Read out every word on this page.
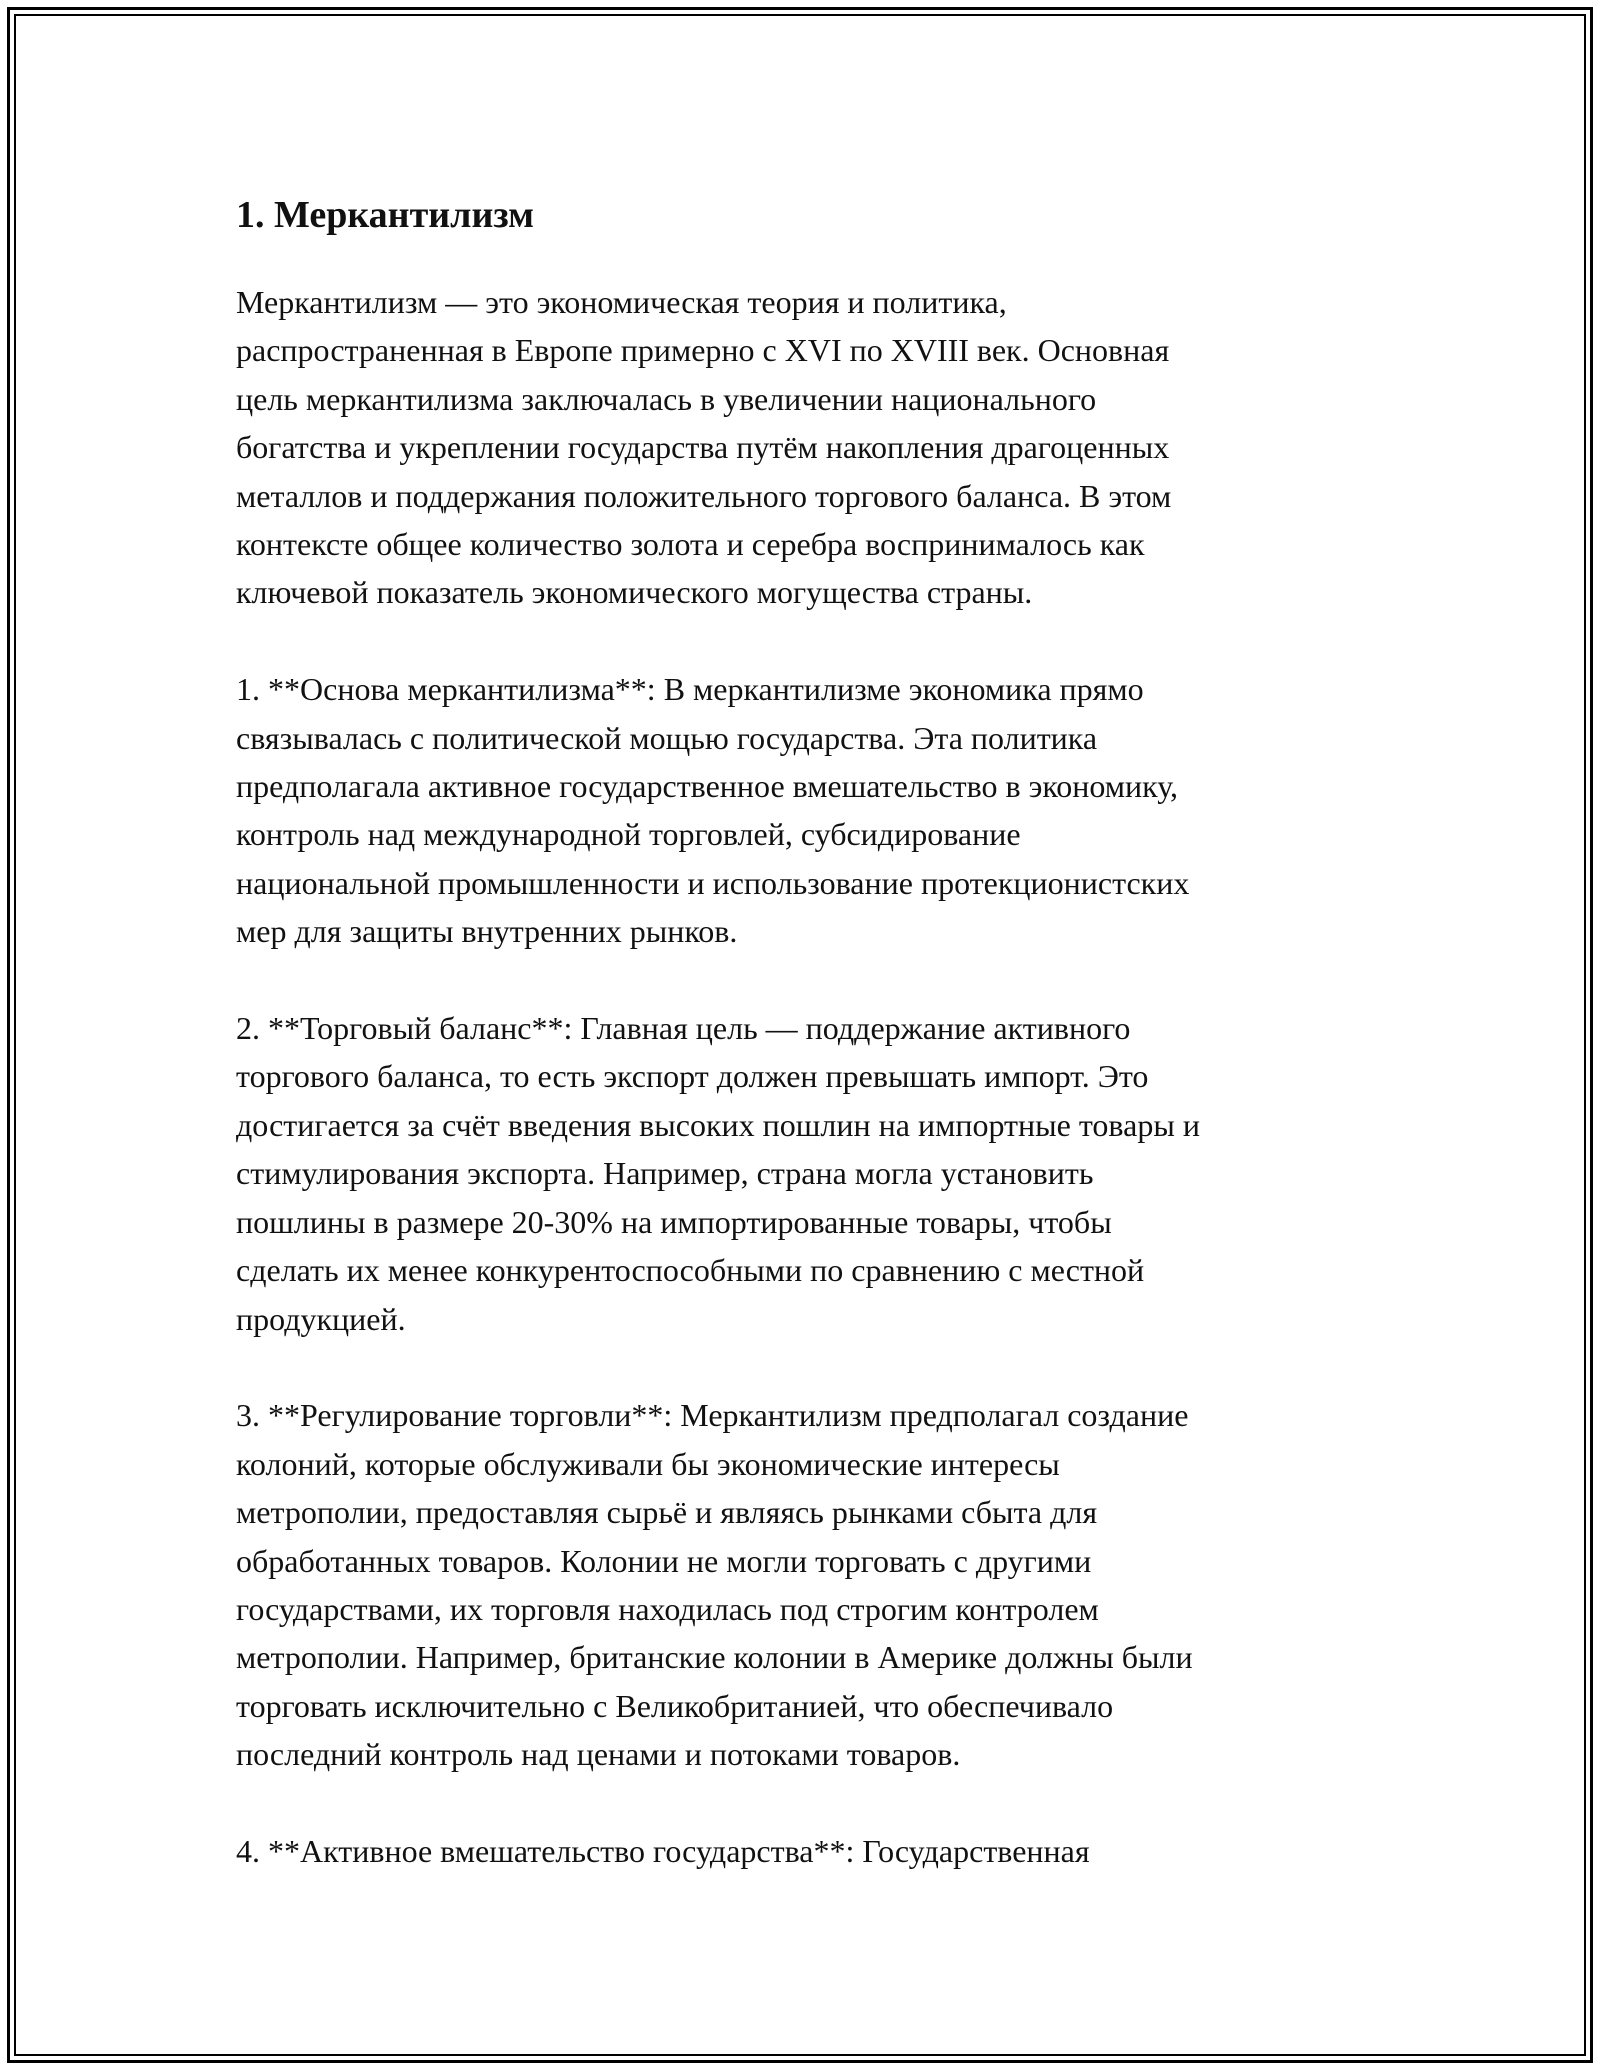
1. Меркантилизм

Меркантилизм — это экономическая теория и политика,
распространенная в Европе примерно с XVI по XVIII век. Основная
цель меркантилизма заключалась в увеличении национального
богатства и укреплении государства путём накопления драгоценных
металлов и поддержания положительного торгового баланса. В этом
контексте общее количество золота и серебра воспринималось как
ключевой показатель экономического могущества страны.

1. **Основа меркантилизма**: В меркантилизме экономика прямо
связывалась с политической мощью государства. Эта политика
предполагала активное государственное вмешательство в экономику,
контроль над международной торговлей, субсидирование
национальной промышленности и использование протекционистских
мер для защиты внутренних рынков.

2. **Торговый баланс**: Главная цель — поддержание активного
торгового баланса, то есть экспорт должен превышать импорт. Это
достигается за счёт введения высоких пошлин на импортные товары и
стимулирования экспорта. Например, страна могла установить
пошлины в размере 20-30% на импортированные товары, чтобы
сделать их менее конкурентоспособными по сравнению с местной
продукцией.

3. **Регулирование торговли**: Меркантилизм предполагал создание
колоний, которые обслуживали бы экономические интересы
метрополии, предоставляя сырьё и являясь рынками сбыта для
обработанных товаров. Колонии не могли торговать с другими
государствами, их торговля находилась под строгим контролем
метрополии. Например, британские колонии в Америке должны были
торговать исключительно с Великобританией, что обеспечивало
последний контроль над ценами и потоками товаров.

4. **Активное вмешательство государства**: Государственная
